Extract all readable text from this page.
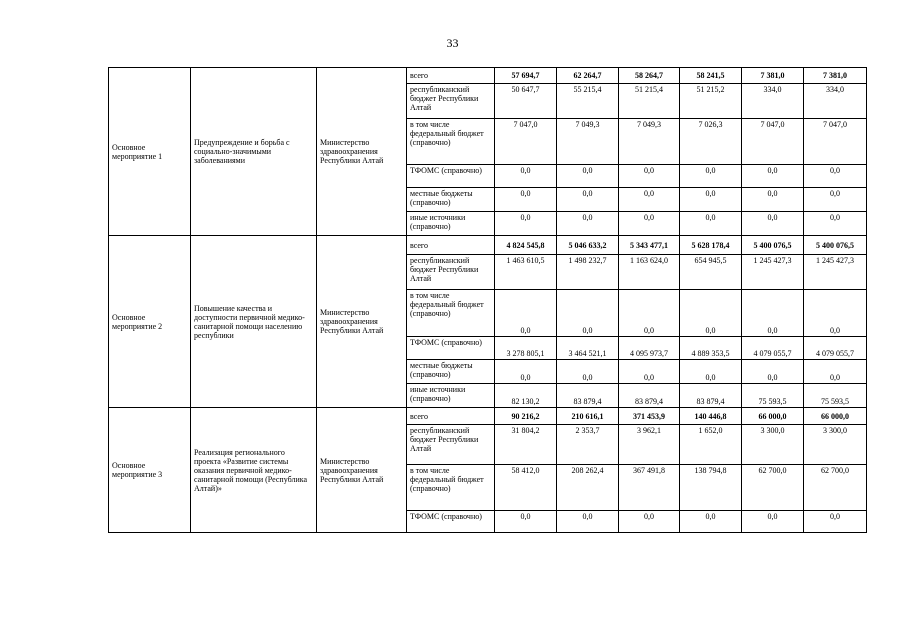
33
Основное мероприятие 1	Предупреждение и борьба с социально-значимыми заболеваниями	Министерство здравоохранения Республики Алтай	всего	57 694,7	62 264,7	58 264,7	58 241,5	7 381,0	7 381,0
			республиканский бюджет Республики Алтай	50 647,7	55 215,4	51 215,4	51 215,2	334,0	334,0
			в том числе федеральный бюджет (справочно)	7 047,0	7 049,3	7 049,3	7 026,3	7 047,0	7 047,0
			ТФОМС (справочно)	0,0	0,0	0,0	0,0	0,0	0,0
			местные бюджеты (справочно)	0,0	0,0	0,0	0,0	0,0	0,0
			иные источники (справочно)	0,0	0,0	0,0	0,0	0,0	0,0
Основное мероприятие 2	Повышение качества и доступности первичной медико-санитарной помощи населению республики	Министерство здравоохранения Республики Алтай	всего	4 824 545,8	5 046 633,2	5 343 477,1	5 628 178,4	5 400 076,5	5 400 076,5
			республиканский бюджет Республики Алтай	1 463 610,5	1 498 232,7	1 163 624,0	654 945,5	1 245 427,3	1 245 427,3
			в том числе федеральный бюджет (справочно)	0,0	0,0	0,0	0,0	0,0	0,0
			ТФОМС (справочно)	3 278 805,1	3 464 521,1	4 095 973,7	4 889 353,5	4 079 055,7	4 079 055,7
			местные бюджеты (справочно)	0,0	0,0	0,0	0,0	0,0	0,0
			иные источники (справочно)	82 130,2	83 879,4	83 879,4	83 879,4	75 593,5	75 593,5
Основное мероприятие 3	Реализация регионального проекта «Развитие системы оказания первичной медико-санитарной помощи (Республика Алтай)»	Министерство здравоохранения Республики Алтай	всего	90 216,2	210 616,1	371 453,9	140 446,8	66 000,0	66 000,0
			республиканский бюджет Республики Алтай	31 804,2	2 353,7	3 962,1	1 652,0	3 300,0	3 300,0
			в том числе федеральный бюджет (справочно)	58 412,0	208 262,4	367 491,8	138 794,8	62 700,0	62 700,0
			ТФОМС (справочно)	0,0	0,0	0,0	0,0	0,0	0,0
